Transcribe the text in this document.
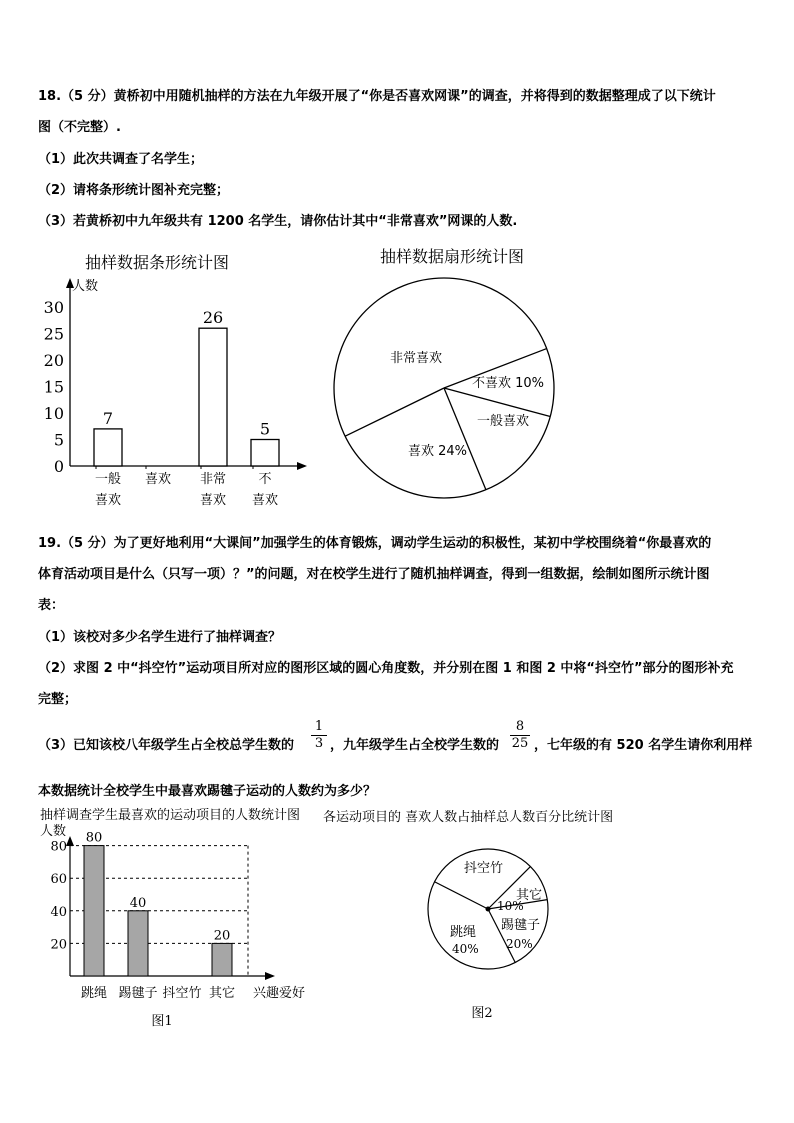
18.（5 分）黄桥初中用随机抽样的方法在九年级开展了“你是否喜欢网课”的调查，并将得到的数据整理成了以下统计
图（不完整）.
（1）此次共调查了名学生；
（2）请将条形统计图补充完整；
（3）若黄桥初中九年级共有 1200 名学生，请你估计其中“非常喜欢”网课的人数.
抽样数据条形统计图
人数
0
5
10
15
20
25
30
一般
喜欢
7
喜欢 非常
喜欢
26
不
喜欢
5
抽样数据扇形统计图
非常喜欢
不喜欢 10%
一般喜欢
喜欢 24%
19.（5 分）为了更好地利用“大课间”加强学生的体育锻炼，调动学生运动的积极性，某初中学校围绕着“你最喜欢的
体育活动项目是什么（只写一项）？”的问题，对在校学生进行了随机抽样调查，得到一组数据，绘制如图所示统计图
表：
（1）该校对多少名学生进行了抽样调查？
（2）求图 2 中“抖空竹”运动项目所对应的图形区域的圆心角度数，并分别在图 1 和图 2 中将“抖空竹”部分的图形补充
完整；
（3）已知该校八年级学生占全校总学生数的 $\frac{1}{3}$ ，九年级学生占全校学生数的 $\frac{8}{25}$ ，七年级的有 520 名学生请你利用样
本数据统计全校学生中最喜欢踢毽子运动的人数约为多少？
抽样调查学生最喜欢的运动项目的人数统计图
人数
20
40
60
80
跳绳
80
踢毽子
40
抖空竹 其它
20
兴趣爱好
图1
各运动项目的 喜欢人数占抽样总人数百分比统计图
抖空竹
其它
10%
踢毽子
20%
跳绳
40%
图2
